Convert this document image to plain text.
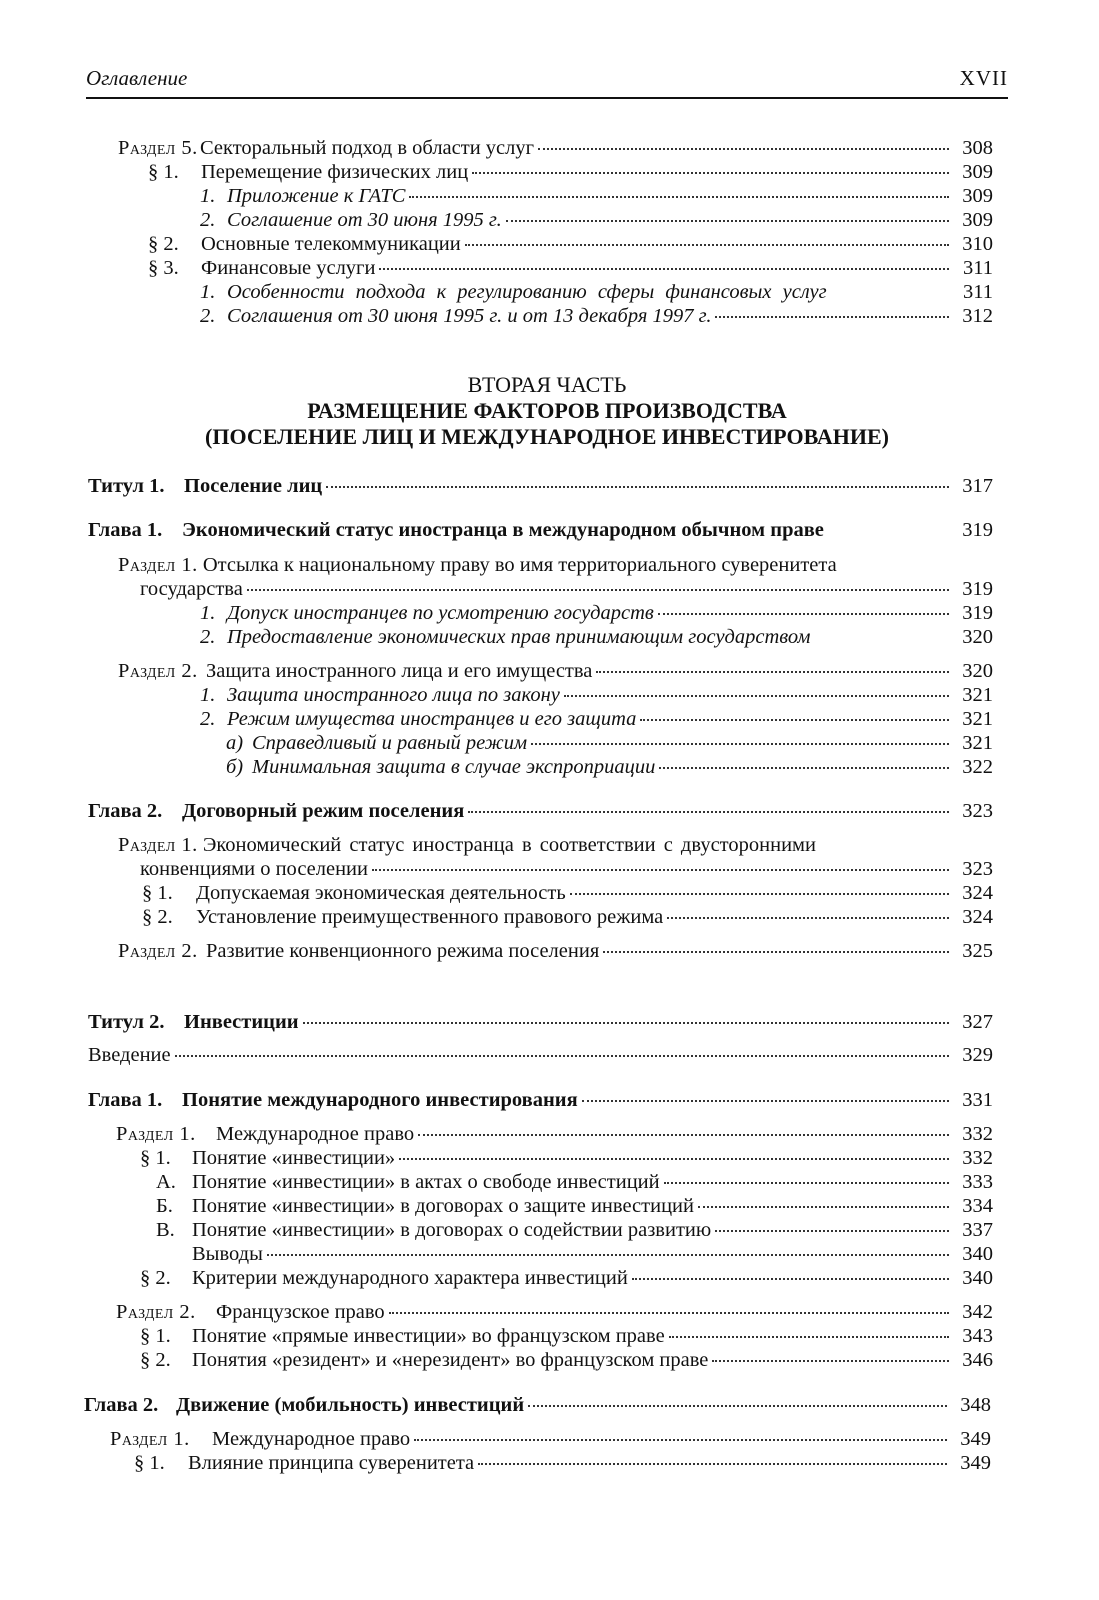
Оглавление	XVII
Раздел 5. Секторальный подход в области услуг	308
§ 1.	Перемещение физических лиц	309
1. Приложение к ГАТС	309
2. Соглашение от 30 июня 1995 г.	309
§ 2.	Основные телекоммуникации	310
§ 3.	Финансовые услуги	311
1. Особенности подхода к регулированию сферы финансовых услуг	311
2. Соглашения от 30 июня 1995 г. и от 13 декабря 1997 г.	312
ВТОРАЯ ЧАСТЬ
РАЗМЕЩЕНИЕ ФАКТОРОВ ПРОИЗВОДСТВА
(ПОСЕЛЕНИЕ ЛИЦ И МЕЖДУНАРОДНОЕ ИНВЕСТИРОВАНИЕ)
Титул 1. Поселение лиц	317
Глава 1. Экономический статус иностранца в международном обычном праве	319
Раздел 1. Отсылка к национальному праву во имя территориального суверенитета
государства	319
1. Допуск иностранцев по усмотрению государств	319
2. Предоставление экономических прав принимающим государством	320
Раздел 2. Защита иностранного лица и его имущества	320
1. Защита иностранного лица по закону	321
2. Режим имущества иностранцев и его защита	321
а) Справедливый и равный режим	321
б) Минимальная защита в случае экспроприации	322
Глава 2. Договорный режим поселения	323
Раздел 1. Экономический статус иностранца в соответствии с двусторонними
конвенциями о поселении	323
§ 1.	Допускаемая экономическая деятельность	324
§ 2.	Установление преимущественного правового режима	324
Раздел 2. Развитие конвенционного режима поселения	325
Титул 2. Инвестиции	327
Введение	329
Глава 1. Понятие международного инвестирования	331
Раздел 1. Международное право	332
§ 1.	Понятие «инвестиции»	332
А. Понятие «инвестиции» в актах о свободе инвестиций	333
Б. Понятие «инвестиции» в договорах о защите инвестиций	334
В. Понятие «инвестиции» в договорах о содействии развитию	337
Выводы	340
§ 2.	Критерии международного характера инвестиций	340
Раздел 2. Французское право	342
§ 1.	Понятие «прямые инвестиции» во французском праве	343
§ 2.	Понятия «резидент» и «нерезидент» во французском праве	346
Глава 2. Движение (мобильность) инвестиций	348
Раздел 1.	Международное право	349
§ 1.	Влияние принципа суверенитета	349
